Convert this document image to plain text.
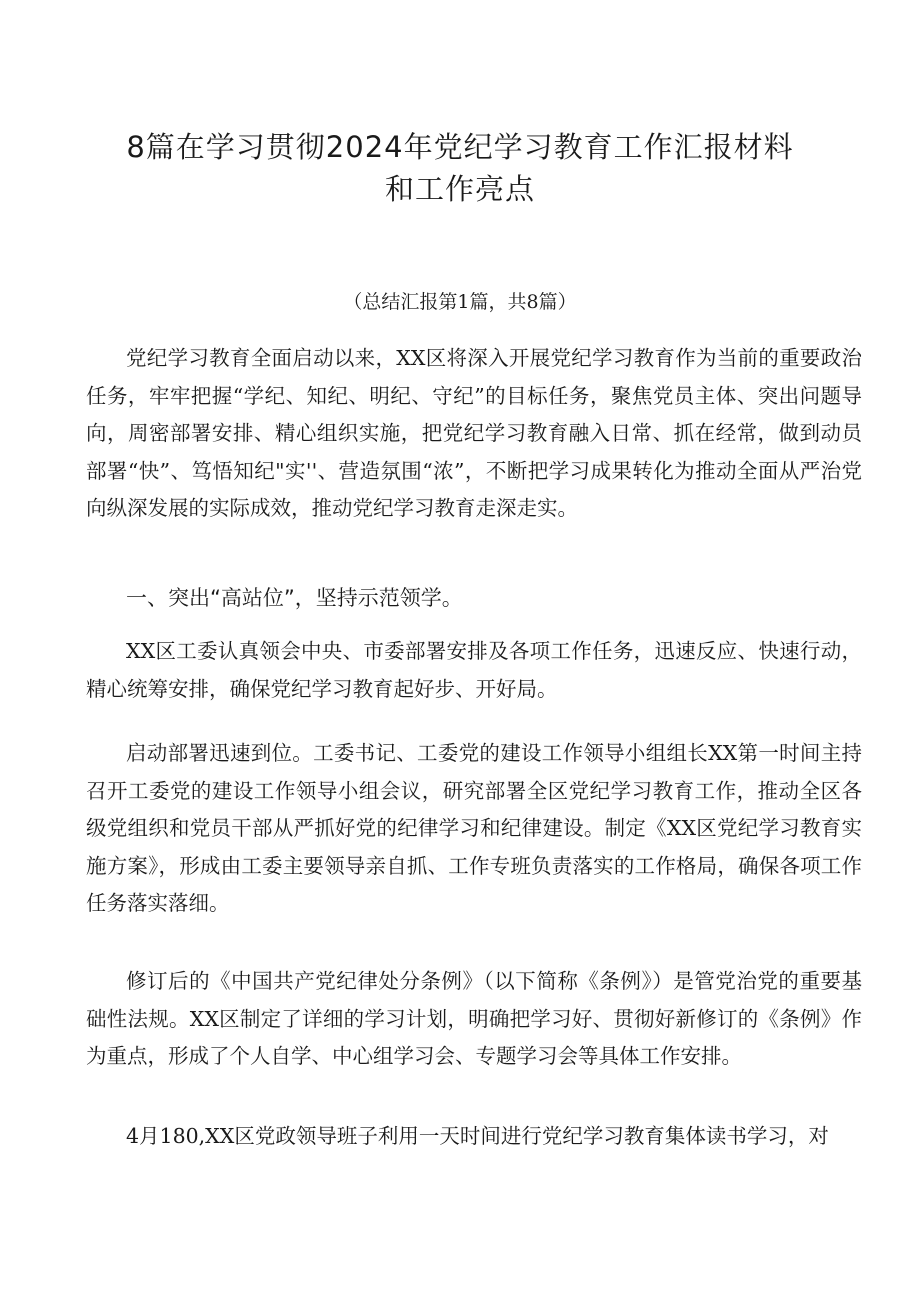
8篇在学习贯彻2024年党纪学习教育工作汇报材料
和工作亮点

（总结汇报第1篇，共8篇）

党纪学习教育全面启动以来，XX区将深入开展党纪学习教育作为当前的重要政治任务，牢牢把握“学纪、知纪、明纪、守纪”的目标任务，聚焦党员主体、突出问题导向，周密部署安排、精心组织实施，把党纪学习教育融入日常、抓在经常，做到动员部署“快”、笃悟知纪"实''、营造氛围“浓”，不断把学习成果转化为推动全面从严治党向纵深发展的实际成效，推动党纪学习教育走深走实。

一、突出“高站位”，坚持示范领学。

XX区工委认真领会中央、市委部署安排及各项工作任务，迅速反应、快速行动，精心统筹安排，确保党纪学习教育起好步、开好局。

启动部署迅速到位。工委书记、工委党的建设工作领导小组组长XX第一时间主持召开工委党的建设工作领导小组会议，研究部署全区党纪学习教育工作，推动全区各级党组织和党员干部从严抓好党的纪律学习和纪律建设。制定《XX区党纪学习教育实施方案》，形成由工委主要领导亲自抓、工作专班负责落实的工作格局，确保各项工作任务落实落细。

修订后的《中国共产党纪律处分条例》（以下简称《条例》）是管党治党的重要基础性法规。XX区制定了详细的学习计划，明确把学习好、贯彻好新修订的《条例》作为重点，形成了个人自学、中心组学习会、专题学习会等具体工作安排。

4月180,XX区党政领导班子利用一天时间进行党纪学习教育集体读书学习，对
